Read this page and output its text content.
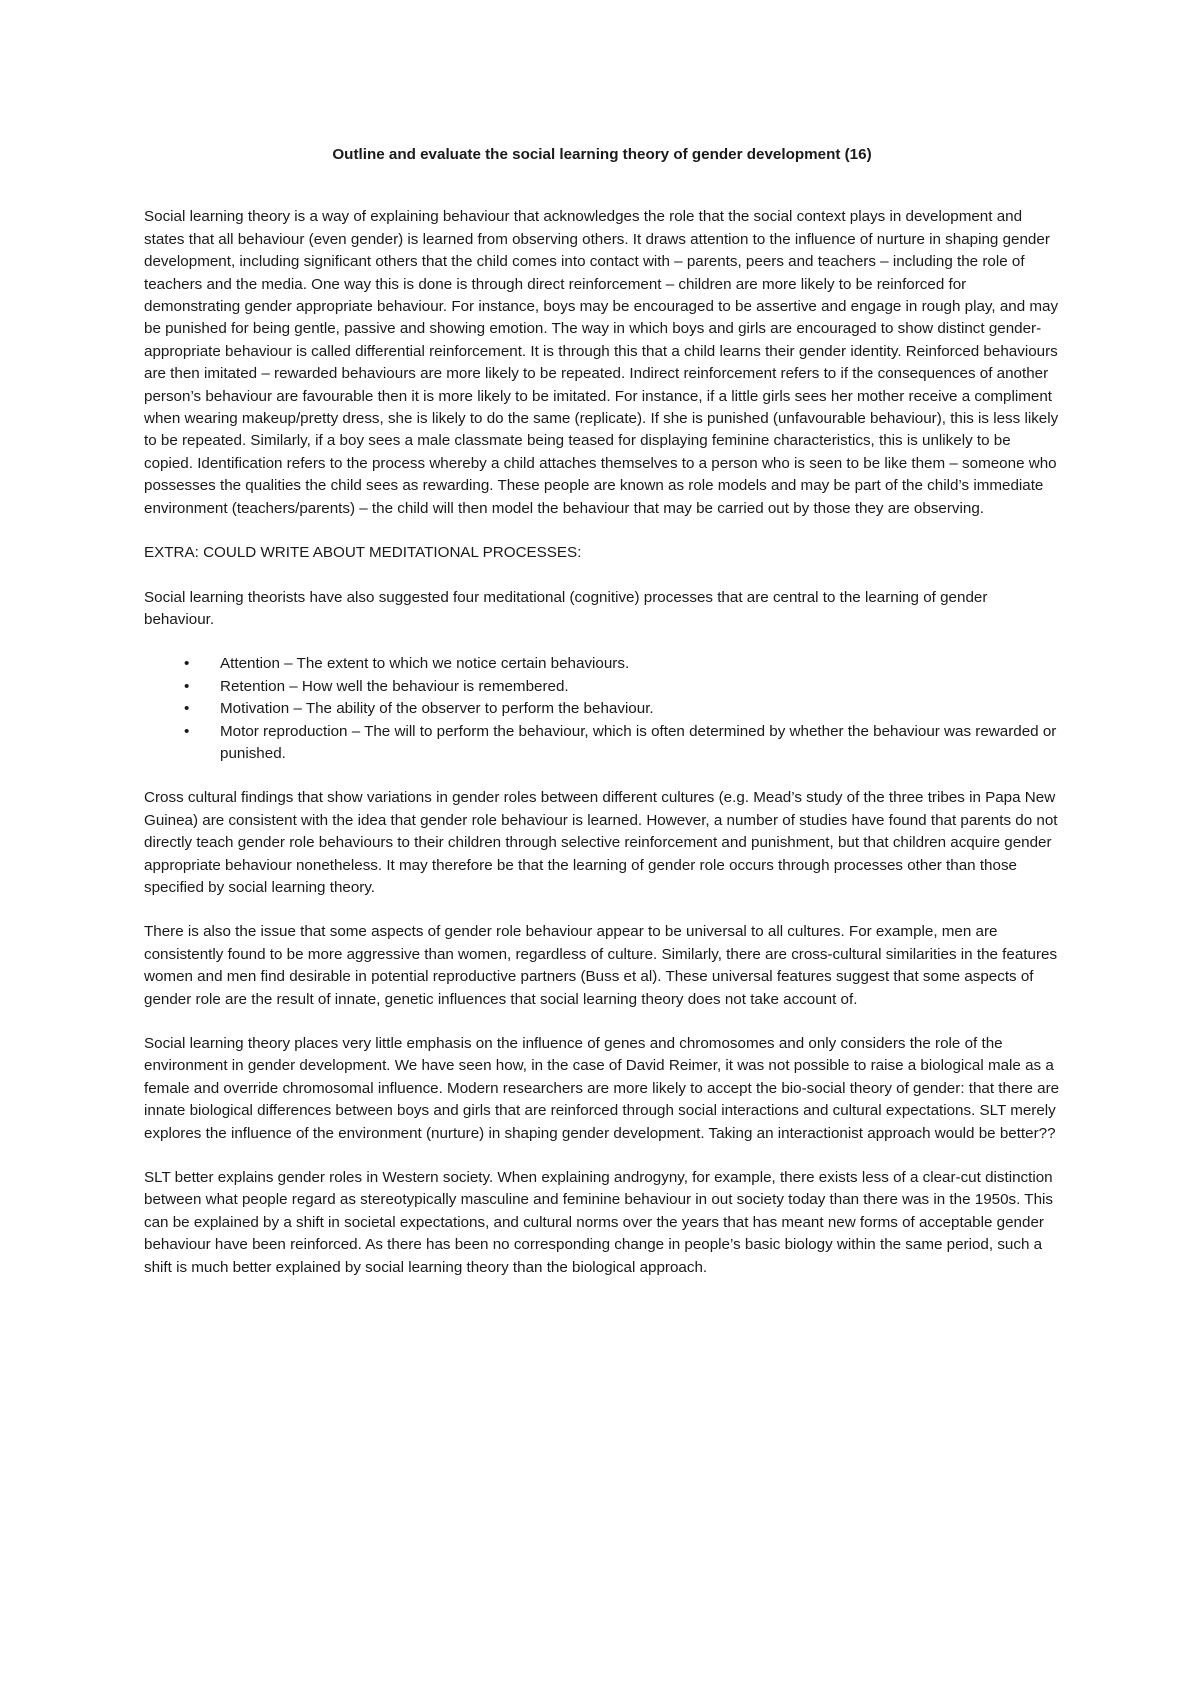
Outline and evaluate the social learning theory of gender development (16)

Social learning theory is a way of explaining behaviour that acknowledges the role that the social context plays in development and states that all behaviour (even gender) is learned from observing others. It draws attention to the influence of nurture in shaping gender development, including significant others that the child comes into contact with – parents, peers and teachers – including the role of teachers and the media. One way this is done is through direct reinforcement – children are more likely to be reinforced for demonstrating gender appropriate behaviour. For instance, boys may be encouraged to be assertive and engage in rough play, and may be punished for being gentle, passive and showing emotion. The way in which boys and girls are encouraged to show distinct gender-appropriate behaviour is called differential reinforcement. It is through this that a child learns their gender identity. Reinforced behaviours are then imitated – rewarded behaviours are more likely to be repeated. Indirect reinforcement refers to if the consequences of another person’s behaviour are favourable then it is more likely to be imitated. For instance, if a little girls sees her mother receive a compliment when wearing makeup/pretty dress, she is likely to do the same (replicate). If she is punished (unfavourable behaviour), this is less likely to be repeated. Similarly, if a boy sees a male classmate being teased for displaying feminine characteristics, this is unlikely to be copied. Identification refers to the process whereby a child attaches themselves to a person who is seen to be like them – someone who possesses the qualities the child sees as rewarding. These people are known as role models and may be part of the child’s immediate environment (teachers/parents) – the child will then model the behaviour that may be carried out by those they are observing.

EXTRA: COULD WRITE ABOUT MEDITATIONAL PROCESSES:

Social learning theorists have also suggested four meditational (cognitive) processes that are central to the learning of gender behaviour.

• Attention – The extent to which we notice certain behaviours.
• Retention – How well the behaviour is remembered.
• Motivation – The ability of the observer to perform the behaviour.
• Motor reproduction – The will to perform the behaviour, which is often determined by whether the behaviour was rewarded or punished.

Cross cultural findings that show variations in gender roles between different cultures (e.g. Mead’s study of the three tribes in Papa New Guinea) are consistent with the idea that gender role behaviour is learned. However, a number of studies have found that parents do not directly teach gender role behaviours to their children through selective reinforcement and punishment, but that children acquire gender appropriate behaviour nonetheless. It may therefore be that the learning of gender role occurs through processes other than those specified by social learning theory.

There is also the issue that some aspects of gender role behaviour appear to be universal to all cultures. For example, men are consistently found to be more aggressive than women, regardless of culture. Similarly, there are cross-cultural similarities in the features women and men find desirable in potential reproductive partners (Buss et al). These universal features suggest that some aspects of gender role are the result of innate, genetic influences that social learning theory does not take account of.

Social learning theory places very little emphasis on the influence of genes and chromosomes and only considers the role of the environment in gender development. We have seen how, in the case of David Reimer, it was not possible to raise a biological male as a female and override chromosomal influence. Modern researchers are more likely to accept the bio-social theory of gender: that there are innate biological differences between boys and girls that are reinforced through social interactions and cultural expectations. SLT merely explores the influence of the environment (nurture) in shaping gender development. Taking an interactionist approach would be better??

SLT better explains gender roles in Western society. When explaining androgyny, for example, there exists less of a clear-cut distinction between what people regard as stereotypically masculine and feminine behaviour in out society today than there was in the 1950s. This can be explained by a shift in societal expectations, and cultural norms over the years that has meant new forms of acceptable gender behaviour have been reinforced. As there has been no corresponding change in people’s basic biology within the same period, such a shift is much better explained by social learning theory than the biological approach.
